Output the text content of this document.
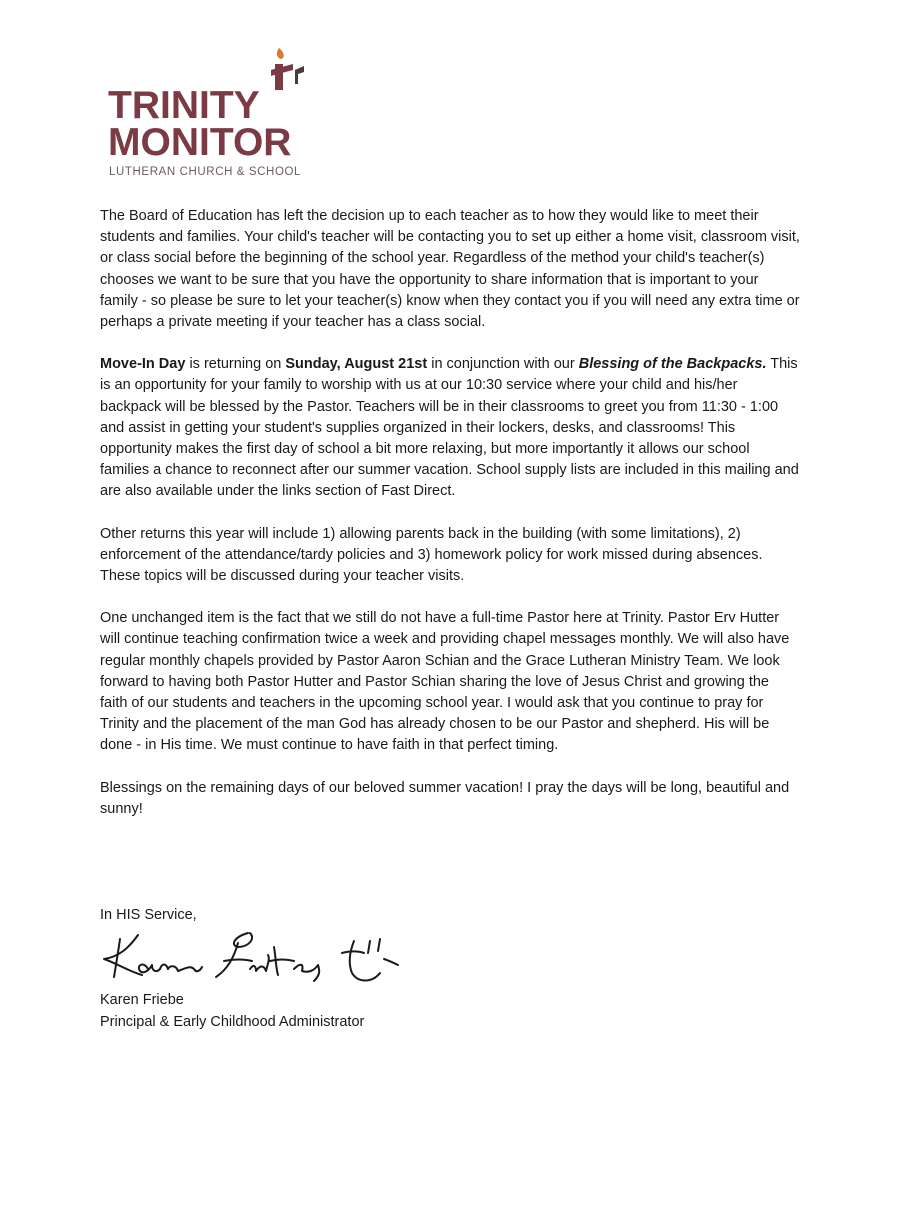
TRINITY
MONITOR
LUTHERAN CHURCH & SCHOOL

The Board of Education has left the decision up to each teacher as to how they would like to meet their students and families. Your child's teacher will be contacting you to set up either a home visit, classroom visit, or class social before the beginning of the school year. Regardless of the method your child's teacher(s) chooses we want to be sure that you have the opportunity to share information that is important to your family - so please be sure to let your teacher(s) know when they contact you if you will need any extra time or perhaps a private meeting if your teacher has a class social.

Move-In Day is returning on Sunday, August 21st in conjunction with our Blessing of the Backpacks. This is an opportunity for your family to worship with us at our 10:30 service where your child and his/her backpack will be blessed by the Pastor. Teachers will be in their classrooms to greet you from 11:30 - 1:00 and assist in getting your student's supplies organized in their lockers, desks, and classrooms! This opportunity makes the first day of school a bit more relaxing, but more importantly it allows our school families a chance to reconnect after our summer vacation. School supply lists are included in this mailing and are also available under the links section of Fast Direct.

Other returns this year will include 1) allowing parents back in the building (with some limitations), 2) enforcement of the attendance/tardy policies and 3) homework policy for work missed during absences. These topics will be discussed during your teacher visits.

One unchanged item is the fact that we still do not have a full-time Pastor here at Trinity. Pastor Erv Hutter will continue teaching confirmation twice a week and providing chapel messages monthly. We will also have regular monthly chapels provided by Pastor Aaron Schian and the Grace Lutheran Ministry Team. We look forward to having both Pastor Hutter and Pastor Schian sharing the love of Jesus Christ and growing the faith of our students and teachers in the upcoming school year. I would ask that you continue to pray for Trinity and the placement of the man God has already chosen to be our Pastor and shepherd. His will be done - in His time. We must continue to have faith in that perfect timing.

Blessings on the remaining days of our beloved summer vacation! I pray the days will be long, beautiful and sunny!

In HIS Service,
Karen Friebe
Principal & Early Childhood Administrator
